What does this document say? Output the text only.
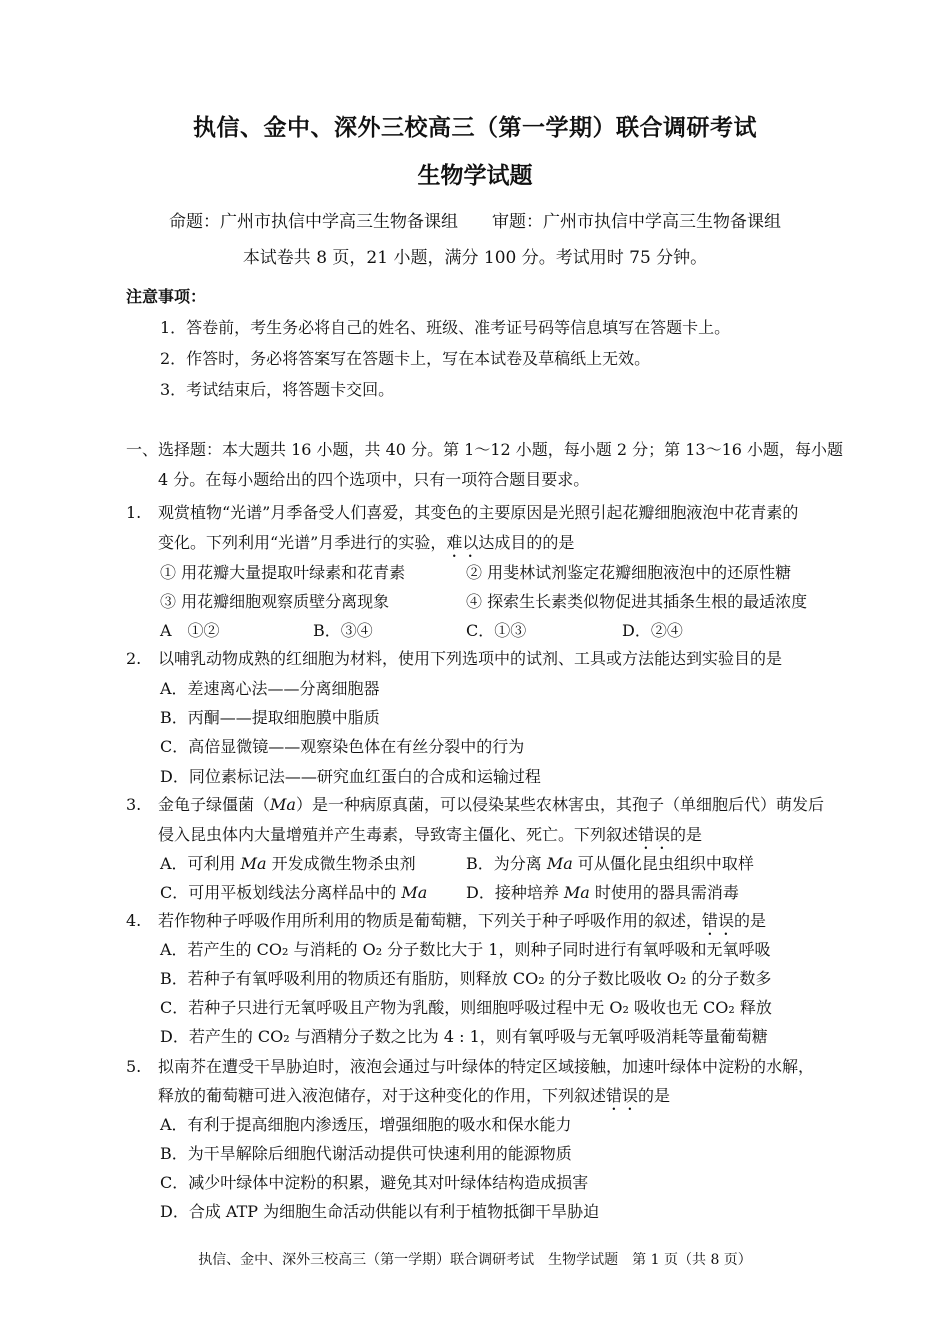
执信、金中、深外三校高三（第一学期）联合调研考试
生物学试题
命题：广州市执信中学高三生物备课组　　审题：广州市执信中学高三生物备课组
本试卷共 8 页，21 小题，满分 100 分。考试用时 75 分钟。
注意事项：
1．答卷前，考生务必将自己的姓名、班级、准考证号码等信息填写在答题卡上。
2．作答时，务必将答案写在答题卡上，写在本试卷及草稿纸上无效。
3．考试结束后，将答题卡交回。
一、选择题：本大题共 16 小题，共 40 分。第 1～12 小题，每小题 2 分；第 13～16 小题，每小题
4 分。在每小题给出的四个选项中，只有一项符合题目要求。
1. 观赏植物“光谱”月季备受人们喜爱，其变色的主要原因是光照引起花瓣细胞液泡中花青素的
变化。下列利用“光谱”月季进行的实验，难以达成目的的是
① 用花瓣大量提取叶绿素和花青素	② 用斐林试剂鉴定花瓣细胞液泡中的还原性糖
③ 用花瓣细胞观察质壁分离现象	④ 探索生长素类似物促进其插条生根的最适浓度
A　①②	B．③④	C．①③	D．②④
2. 以哺乳动物成熟的红细胞为材料，使用下列选项中的试剂、工具或方法能达到实验目的是
A．差速离心法——分离细胞器
B．丙酮——提取细胞膜中脂质
C．高倍显微镜——观察染色体在有丝分裂中的行为
D．同位素标记法——研究血红蛋白的合成和运输过程
3. 金龟子绿僵菌（Ma）是一种病原真菌，可以侵染某些农林害虫，其孢子（单细胞后代）萌发后
侵入昆虫体内大量增殖并产生毒素，导致寄主僵化、死亡。下列叙述错误的是
A．可利用 Ma 开发成微生物杀虫剂	B．为分离 Ma 可从僵化昆虫组织中取样
C．可用平板划线法分离样品中的 Ma D．接种培养 Ma 时使用的器具需消毒
4. 若作物种子呼吸作用所利用的物质是葡萄糖，下列关于种子呼吸作用的叙述，错误的是
A．若产生的 CO₂ 与消耗的 O₂ 分子数比大于 1，则种子同时进行有氧呼吸和无氧呼吸
B．若种子有氧呼吸利用的物质还有脂肪，则释放 CO₂ 的分子数比吸收 O₂ 的分子数多
C．若种子只进行无氧呼吸且产物为乳酸，则细胞呼吸过程中无 O₂ 吸收也无 CO₂ 释放
D．若产生的 CO₂ 与酒精分子数之比为 4 : 1，则有氧呼吸与无氧呼吸消耗等量葡萄糖
5. 拟南芥在遭受干旱胁迫时，液泡会通过与叶绿体的特定区域接触，加速叶绿体中淀粉的水解，
释放的葡萄糖可进入液泡储存，对于这种变化的作用，下列叙述错误的是
A．有利于提高细胞内渗透压，增强细胞的吸水和保水能力
B．为干旱解除后细胞代谢活动提供可快速利用的能源物质
C．减少叶绿体中淀粉的积累，避免其对叶绿体结构造成损害
D．合成 ATP 为细胞生命活动供能以有利于植物抵御干旱胁迫
执信、金中、深外三校高三（第一学期）联合调研考试　生物学试题　第 1 页（共 8 页）
